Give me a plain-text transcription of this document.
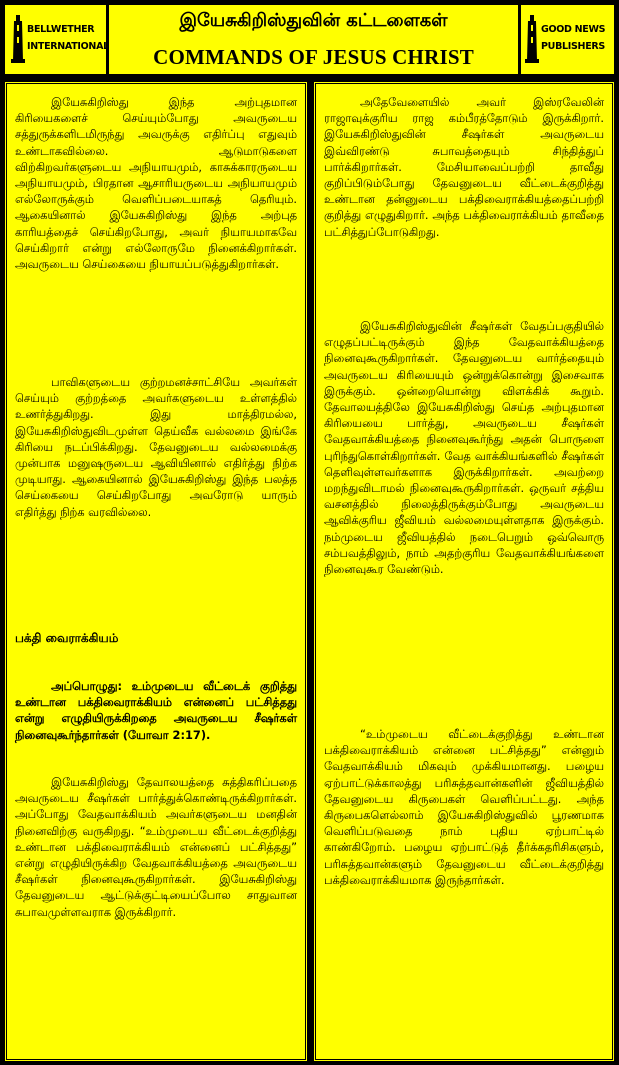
BELLWETHER
INTERNATIONAL
இயேசுகிறிஸ்துவின் கட்டளைகள்
COMMANDS OF JESUS CHRIST
GOOD NEWS
PUBLISHERS

இயேசுகிறிஸ்து இந்த அற்புதமான கிரியைகளைச் செய்யும்போது அவருடைய சத்துருக்களிடமிருந்து அவருக்கு எதிர்ப்பு எதுவும் உண்டாகவில்லை. ஆடுமாடுகளை விற்கிறவர்களுடைய அநியாயமும், காசுக்காரருடைய அநியாயமும், பிரதான ஆசாரியருடைய அநியாயமும் எல்லோருக்கும் வெளிப்படையாகத் தெரியும். ஆகையினால் இயேசுகிறிஸ்து இந்த அற்புத காரியத்தைச் செய்கிறபோது, அவர் நியாயமாகவே செய்கிறார் என்று எல்லோருமே நினைக்கிறார்கள். அவருடைய செய்கையை நியாயப்படுத்துகிறார்கள்.

பாவிகளுடைய குற்றமனச்சாட்சியே அவர்கள் செய்யும் குற்றத்தை அவர்களுடைய உள்ளத்தில் உணர்த்துகிறது. இது மாத்திரமல்ல, இயேசுகிறிஸ்துவிடமுள்ள தெய்வீக வல்லமை இங்கே கிரியை நடப்பிக்கிறது. தேவனுடைய வல்லமைக்கு முன்பாக மனுஷருடைய ஆவியினால் எதிர்த்து நிற்க முடியாது. ஆகையினால் இயேசுகிறிஸ்து இந்த பலத்த செய்கையை செய்கிறபோது அவரோடு யாரும் எதிர்த்து நிற்க வரவில்லை.

பக்தி வைராக்கியம்

அப்பொழுது: உம்முடைய வீட்டைக் குறித்து உண்டான பக்திவைராக்கியம் என்னைப் பட்சித்தது என்று எழுதியிருக்கிறதை அவருடைய சீஷர்கள் நினைவுகூர்ந்தார்கள் (யோவா 2:17).

இயேசுகிறிஸ்து தேவாலயத்தை சுத்திகரிப்பதை அவருடைய சீஷர்கள் பார்த்துக்கொண்டிருக்கிறார்கள். அப்போது வேதவாக்கியம் அவர்களுடைய மனதின் நினைவிற்கு வருகிறது. “உம்முடைய வீட்டைக்குறித்து உண்டான பக்திவைராக்கியம் என்னைப் பட்சித்தது” என்று எழுதியிருக்கிற வேதவாக்கியத்தை அவருடைய சீஷர்கள் நினைவுகூருகிறார்கள். இயேசுகிறிஸ்து தேவனுடைய ஆட்டுக்குட்டியைப்போல சாதுவான சுபாவமுள்ளவராக இருக்கிறார்.

அதேவேளையில் அவர் இஸ்ரவேலின் ராஜாவுக்குரிய ராஜ கம்பீரத்தோடும் இருக்கிறார். இயேசுகிறிஸ்துவின் சீஷர்கள் அவருடைய இவ்விரண்டு சுபாவத்தையும் சிந்தித்துப் பார்க்கிறார்கள். மேசியாவைப்பற்றி தாவீது குறிப்பிடும்போது தேவனுடைய வீட்டைக்குறித்து உண்டான தன்னுடைய பக்திவைராக்கியத்தைப்பற்றி குறித்து எழுதுகிறார். அந்த பக்திவைராக்கியம் தாவீதை பட்சித்துப்போடுகிறது.

இயேசுகிறிஸ்துவின் சீஷர்கள் வேதப்பகுதியில் எழுதப்பட்டிருக்கும் இந்த வேதவாக்கியத்தை நினைவுகூருகிறார்கள். தேவனுடைய வார்த்தையும் அவருடைய கிரியையும் ஒன்றுக்கொன்று இசைவாக இருக்கும். ஒன்றையொன்று விளக்கிக் கூறும். தேவாலயத்திலே இயேசுகிறிஸ்து செய்த அற்புதமான கிரியையை பார்த்து, அவருடைய சீஷர்கள் வேதவாக்கியத்தை நினைவுகூர்ந்து அதன் பொருளை புரிந்துகொள்கிறார்கள். வேத வாக்கியங்களில் சீஷர்கள் தெளிவுள்ளவர்களாக இருக்கிறார்கள். அவற்றை மறந்துவிடாமல் நினைவுகூருகிறார்கள். ஒருவர் சத்திய வசனத்தில் நிலைத்திருக்கும்போது அவருடைய ஆவிக்குரிய ஜீவியம் வல்லமையுள்ளதாக இருக்கும். நம்முடைய ஜீவியத்தில் நடைபெறும் ஒவ்வொரு சம்பவத்திலும், நாம் அதற்குரிய வேதவாக்கியங்களை நினைவுகூர வேண்டும்.

“உம்முடைய வீட்டைக்குறித்து உண்டான பக்திவைராக்கியம் என்னை பட்சித்தது” என்னும் வேதவாக்கியம் மிகவும் முக்கியமானது. பழைய ஏற்பாட்டுக்காலத்து பரிசுத்தவான்களின் ஜீவியத்தில் தேவனுடைய கிருபைகள் வெளிப்பட்டது. அந்த கிருபைகளெல்லாம் இயேசுகிறிஸ்துவில் பூரணமாக வெளிப்படுவதை நாம் புதிய ஏற்பாட்டில் காண்கிறோம். பழைய ஏற்பாட்டுத் தீர்க்கதரிசிகளும், பரிசுத்தவான்களும் தேவனுடைய வீட்டைக்குறித்து பக்திவைராக்கியமாக இருந்தார்கள்.
